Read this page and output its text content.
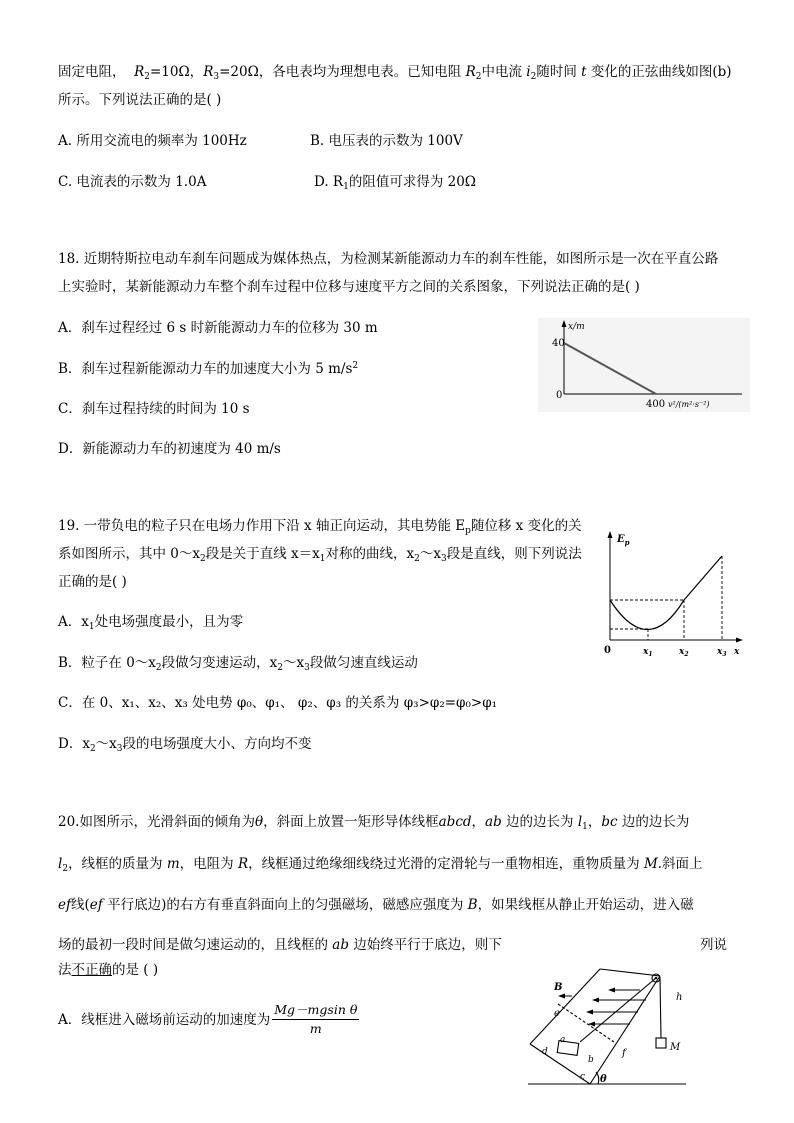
固定电阻， $R_2=10\Omega$，$R_3=20\Omega$，各电表均为理想电表。已知电阻 $R_2$中电流 $i_2$随时间 t 变化的正弦曲线如图(b)
所示。下列说法正确的是( )
A. 所用交流电的频率为 100Hz	B. 电压表的示数为 100V
C. 电流表的示数为 1.0A	D. $R_1$的阻值可求得为 20Ω
18. 近期特斯拉电动车刹车问题成为媒体热点，为检测某新能源动力车的刹车性能，如图所示是一次在平直公路
上实验时，某新能源动力车整个刹车过程中位移与速度平方之间的关系图象，下列说法正确的是( )
A．刹车过程经过 6 s 时新能源动力车的位移为 30 m
B．刹车过程新能源动力车的加速度大小为 5 $m/s^2$
C．刹车过程持续的时间为 10 s
D．新能源动力车的初速度为 40 m/s
x/m
40
0
400 v²/(m²·s⁻²)
19. 一带负电的粒子只在电场力作用下沿 x 轴正向运动，其电势能 $E_p$随位移 x 变化的关
系如图所示，其中 $0\sim x_2$段是关于直线 $x=x_1$对称的曲线，$x_2\sim x_3$段是直线，则下列说法
正确的是( )
A．$x_1$处电场强度最小，且为零
B．粒子在 $0\sim x_2$段做匀变速运动，$x_2\sim x_3$段做匀速直线运动
C．在 0、x₁、x₂、x₃ 处电势 φ₀、φ₁、 φ₂、φ₃ 的关系为 φ₃>φ₂=φ₀>φ₁
D．$x_2\sim x_3$段的电场强度大小、方向均不变
$E_p$
0	$x_1$	$x_2$	$x_3$ x
20.如图所示，光滑斜面的倾角为θ，斜面上放置一矩形导体线框abcd，ab 边的边长为 $l_1$，bc 边的边长为
$l_2$，线框的质量为 m，电阻为 R，线框通过绝缘细线绕过光滑的定滑轮与一重物相连，重物质量为 M.斜面上
ef线(ef 平行底边)的右方有垂直斜面向上的匀强磁场，磁感应强度为 B，如果线框从静止开始运动，进入磁
场的最初一段时间是做匀速运动的，且线框的 ab 边始终平行于底边，则下	列说
法不正确的是 ( )
A．线框进入磁场前运动的加速度为 $\frac{\text{Mg－mgsin θ}}{m}$
B
e
a
b
c
d	f
h
M
θ
